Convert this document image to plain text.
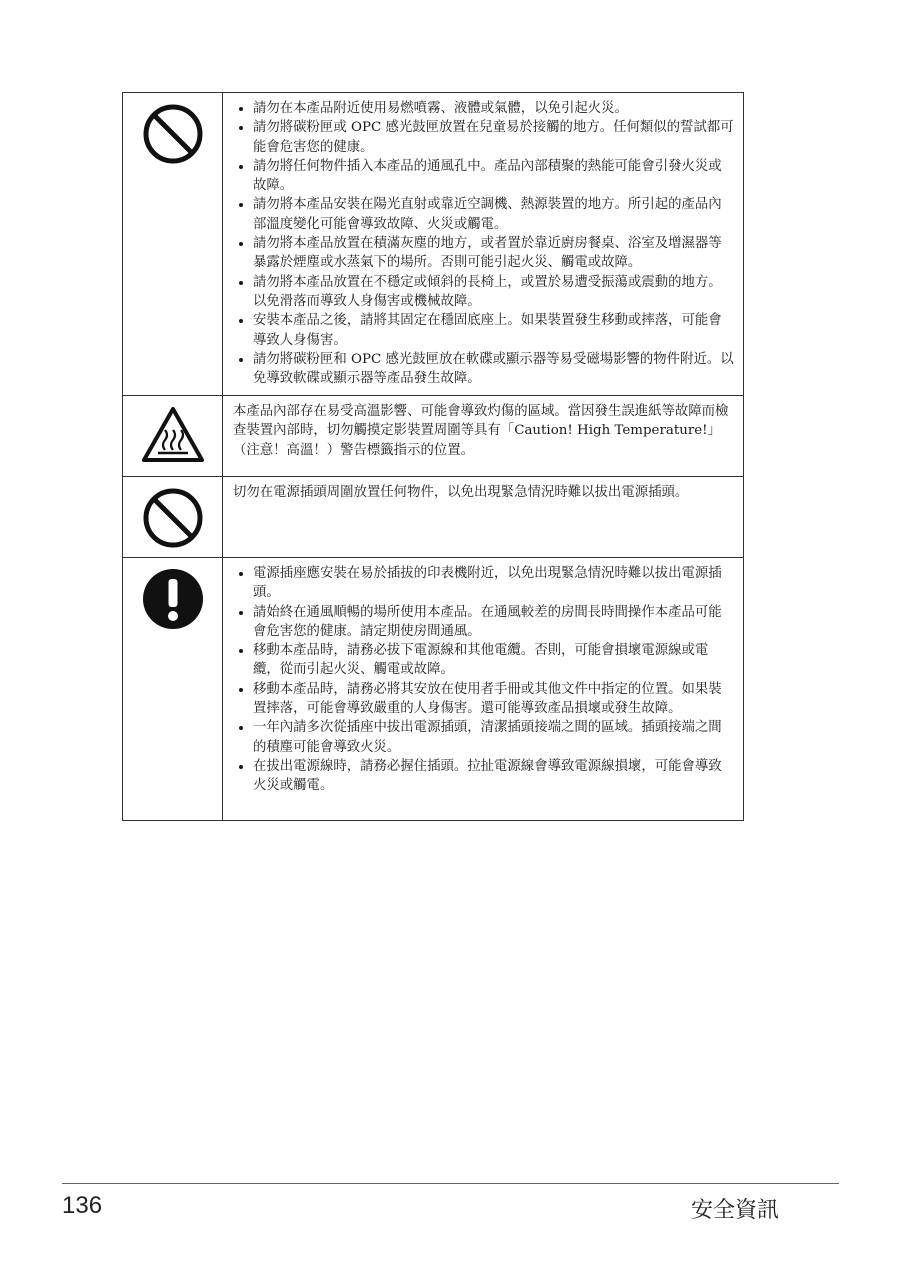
• 請勿在本產品附近使用易燃噴霧、液體或氣體，以免引起火災。
• 請勿將碳粉匣或 OPC 感光鼓匣放置在兒童易於接觸的地方。任何類似的誓試都可能會危害您的健康。
• 請勿將任何物件插入本產品的通風孔中。產品內部積聚的熱能可能會引發火災或故障。
• 請勿將本產品安裝在陽光直射或靠近空調機、熱源裝置的地方。所引起的產品內部溫度變化可能會導致故障、火災或觸電。
• 請勿將本產品放置在積滿灰塵的地方，或者置於靠近廚房餐桌、浴室及增濕器等暴露於煙塵或水蒸氣下的場所。否則可能引起火災、觸電或故障。
• 請勿將本產品放置在不穩定或傾斜的長椅上，或置於易遭受振蕩或震動的地方。以免滑落而導致人身傷害或機械故障。
• 安裝本產品之後，請將其固定在穩固底座上。如果裝置發生移動或摔落，可能會導致人身傷害。
• 請勿將碳粉匣和 OPC 感光鼓匣放在軟碟或顯示器等易受磁場影響的物件附近。以免導致軟碟或顯示器等產品發生故障。

本產品內部存在易受高溫影響、可能會導致灼傷的區域。當因發生誤進紙等故障而檢查裝置內部時，切勿觸摸定影裝置周圍等具有「Caution! High Temperature!」（注意！高溫！）警告標籤指示的位置。

切勿在電源插頭周圍放置任何物件，以免出現緊急情況時難以拔出電源插頭。

• 電源插座應安裝在易於插拔的印表機附近，以免出現緊急情況時難以拔出電源插頭。
• 請始終在通風順暢的場所使用本產品。在通風較差的房間長時間操作本產品可能會危害您的健康。請定期使房間通風。
• 移動本產品時，請務必拔下電源線和其他電纜。否則，可能會損壞電源線或電纜，從而引起火災、觸電或故障。
• 移動本產品時，請務必將其安放在使用者手冊或其他文件中指定的位置。如果裝置摔落，可能會導致嚴重的人身傷害。還可能導致產品損壞或發生故障。
• 一年內請多次從插座中拔出電源插頭，清潔插頭接端之間的區域。插頭接端之間的積塵可能會導致火災。
• 在拔出電源線時，請務必握住插頭。拉扯電源線會導致電源線損壞，可能會導致火災或觸電。
136	安全資訊
